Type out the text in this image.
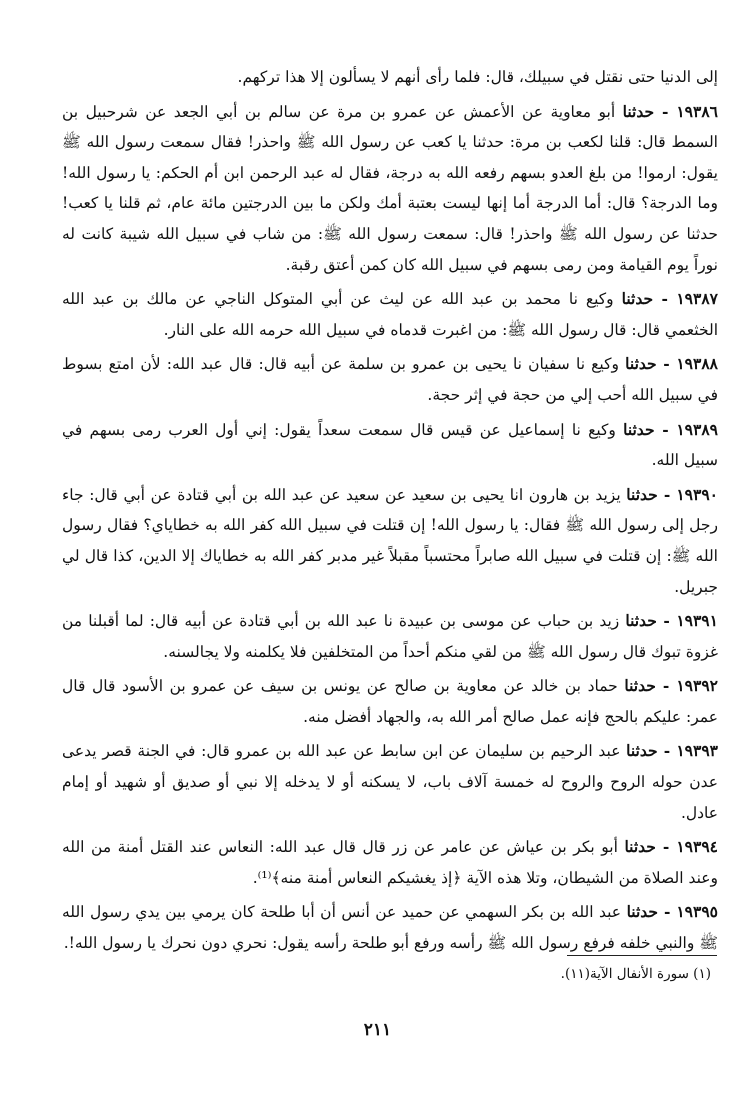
إلى الدنيا حتى نقتل في سبيلك، قال: فلما رأى أنهم لا يسألون إلا هذا تركهم.
١٩٣٨٦ - حدثنا أبو معاوية عن الأعمش عن عمرو بن مرة عن سالم بن أبي الجعد عن شرحبيل بن السمط قال: قلنا لكعب بن مرة: حدثنا يا كعب عن رسول الله ﷺ واحذر! فقال سمعت رسول الله ﷺ يقول: ارموا! من بلغ العدو بسهم رفعه الله به درجة، فقال له عبد الرحمن ابن أم الحكم: يا رسول الله! وما الدرجة؟ قال: أما الدرجة أما إنها ليست بعتبة أمك ولكن ما بين الدرجتين مائة عام، ثم قلنا يا كعب! حدثنا عن رسول الله ﷺ واحذر! قال: سمعت رسول الله ﷺ: من شاب في سبيل الله شيبة كانت له نوراً يوم القيامة ومن رمى بسهم في سبيل الله كان كمن أعتق رقبة.
١٩٣٨٧ - حدثنا وكيع نا محمد بن عبد الله عن ليث عن أبي المتوكل الناجي عن مالك بن عبد الله الخثعمي قال: قال رسول الله ﷺ: من اغبرت قدماه في سبيل الله حرمه الله على النار.
١٩٣٨٨ - حدثنا وكيع نا سفيان نا يحيى بن عمرو بن سلمة عن أبيه قال: قال عبد الله: لأن امتع بسوط في سبيل الله أحب إلي من حجة في إثر حجة.
١٩٣٨٩ - حدثنا وكيع نا إسماعيل عن قيس قال سمعت سعداً يقول: إني أول العرب رمى بسهم في سبيل الله.
١٩٣٩٠ - حدثنا يزيد بن هارون انا يحيى بن سعيد عن سعيد عن عبد الله بن أبي قتادة عن أبي قال: جاء رجل إلى رسول الله ﷺ فقال: يا رسول الله! إن قتلت في سبيل الله كفر الله به خطاياي؟ فقال رسول الله ﷺ: إن قتلت في سبيل الله صابراً محتسباً مقبلاً غير مدبر كفر الله به خطاياك إلا الدين، كذا قال لي جبريل.
١٩٣٩١ - حدثنا زيد بن حباب عن موسى بن عبيدة نا عبد الله بن أبي قتادة عن أبيه قال: لما أقبلنا من غزوة تبوك قال رسول الله ﷺ من لقي منكم أحداً من المتخلفين فلا يكلمنه ولا يجالسنه.
١٩٣٩٢ - حدثنا حماد بن خالد عن معاوية بن صالح عن يونس بن سيف عن عمرو بن الأسود قال قال عمر: عليكم بالحج فإنه عمل صالح أمر الله به، والجهاد أفضل منه.
١٩٣٩٣ - حدثنا عبد الرحيم بن سليمان عن ابن سابط عن عبد الله بن عمرو قال: في الجنة قصر يدعى عدن حوله الروح والروح له خمسة آلاف باب، لا يسكنه أو لا يدخله إلا نبي أو صديق أو شهيد أو إمام عادل.
١٩٣٩٤ - حدثنا أبو بكر بن عياش عن عامر عن زر قال قال عبد الله: النعاس عند القتل أمنة من الله وعند الصلاة من الشيطان، وتلا هذه الآية ﴿إذ يغشيكم النعاس أمنة منه﴾⁽¹⁾.
١٩٣٩٥ - حدثنا عبد الله بن بكر السهمي عن حميد عن أنس أن أبا طلحة كان يرمي بين يدي رسول الله ﷺ والنبي خلفه فرفع رسول الله ﷺ رأسه ورفع أبو طلحة رأسه يقول: نحري دون نحرك يا رسول الله!.
(١) سورة الأنفال الآية(١١).
٢١١
